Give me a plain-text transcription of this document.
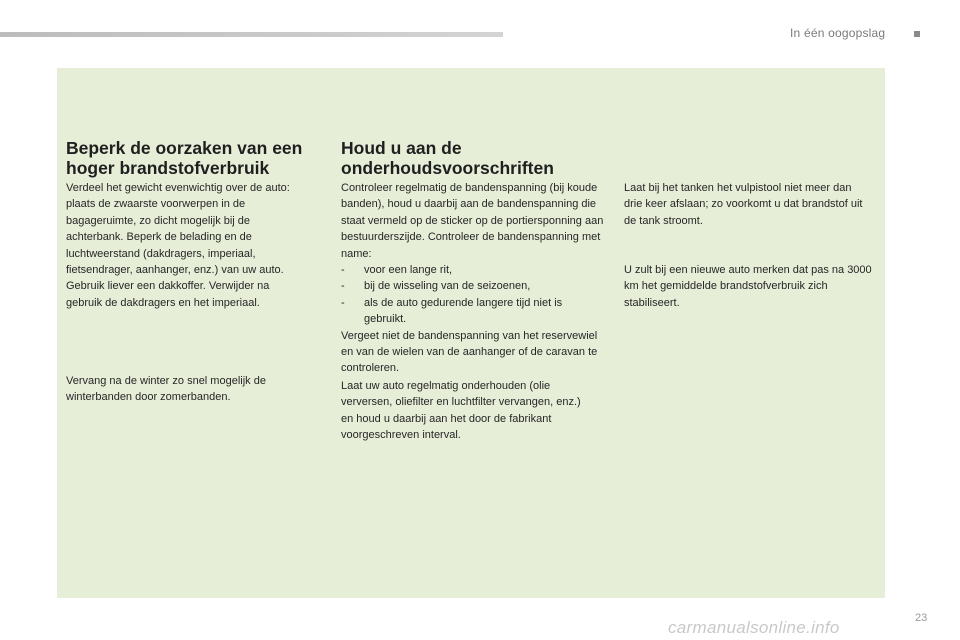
In één oogopslag
Beperk de oorzaken van een hoger brandstofverbruik

Verdeel het gewicht evenwichtig over de auto: plaats de zwaarste voorwerpen in de bagageruimte, zo dicht mogelijk bij de achterbank. Beperk de belading en de luchtweerstand (dakdragers, imperiaal, fietsendrager, aanhanger, enz.) van uw auto. Gebruik liever een dakkoffer. Verwijder na gebruik de dakdragers en het imperiaal.

Vervang na de winter zo snel mogelijk de winterbanden door zomerbanden.

Houd u aan de onderhoudsvoorschriften
Controleer regelmatig de bandenspanning (bij koude banden), houd u daarbij aan de bandenspanning die staat vermeld op de sticker op de portiersponning aan bestuurderszijde. Controleer de bandenspanning met name:
- voor een lange rit,
- bij de wisseling van de seizoenen,
- als de auto gedurende langere tijd niet is gebruikt.
Vergeet niet de bandenspanning van het reservewiel en van de wielen van de aanhanger of de caravan te controleren.

Laat uw auto regelmatig onderhouden (olie verversen, oliefilter en luchtfilter vervangen, enz.) en houd u daarbij aan het door de fabrikant voorgeschreven interval.

Laat bij het tanken het vulpistool niet meer dan drie keer afslaan; zo voorkomt u dat brandstof uit de tank stroomt.

U zult bij een nieuwe auto merken dat pas na 3000 km het gemiddelde brandstofverbruik zich stabiliseert.

carmanualsonline.info	23
